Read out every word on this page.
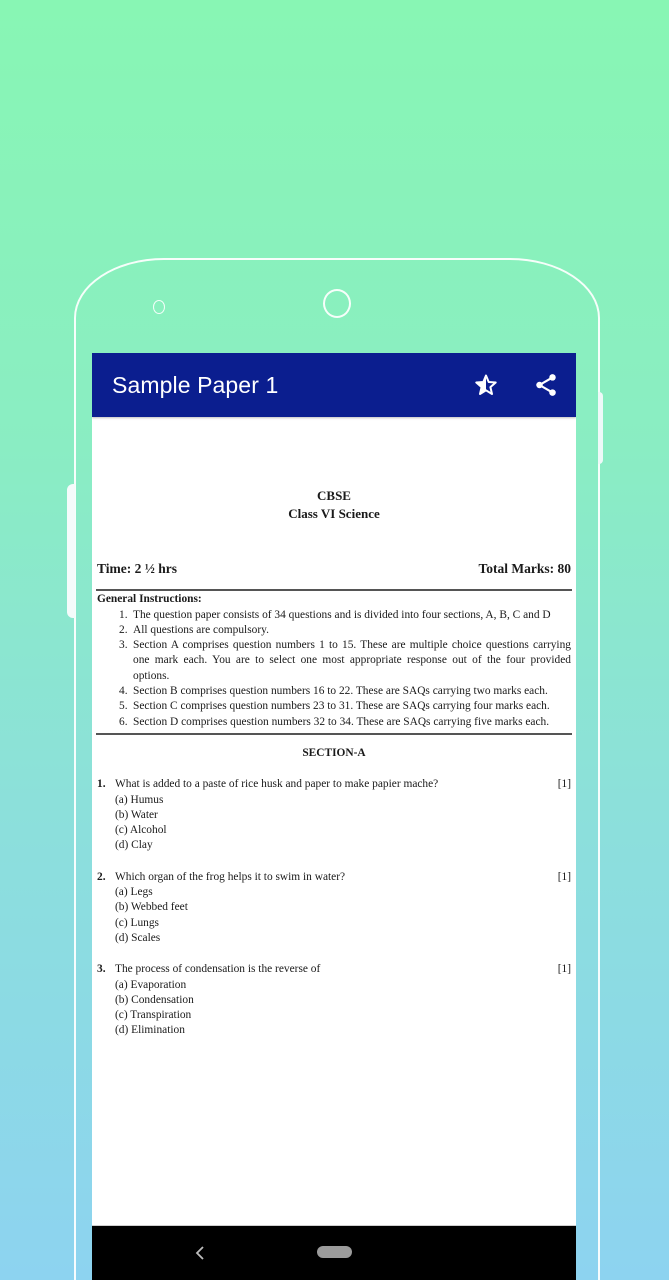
Sample Paper 1
CBSE
Class VI Science
Time: 2 ½ hrs	Total Marks: 80
General Instructions:
1. The question paper consists of 34 questions and is divided into four sections, A, B, C and D
2. All questions are compulsory.
3. Section A comprises question numbers 1 to 15. These are multiple choice questions carrying one mark each. You are to select one most appropriate response out of the four provided options.
4. Section B comprises question numbers 16 to 22. These are SAQs carrying two marks each.
5. Section C comprises question numbers 23 to 31. These are SAQs carrying four marks each.
6. Section D comprises question numbers 32 to 34. These are SAQs carrying five marks each.
SECTION-A
1. What is added to a paste of rice husk and paper to make papier mache?	[1]
(a) Humus
(b) Water
(c) Alcohol
(d) Clay
2. Which organ of the frog helps it to swim in water?	[1]
(a) Legs
(b) Webbed feet
(c) Lungs
(d) Scales
3. The process of condensation is the reverse of	[1]
(a) Evaporation
(b) Condensation
(c) Transpiration
(d) Elimination
